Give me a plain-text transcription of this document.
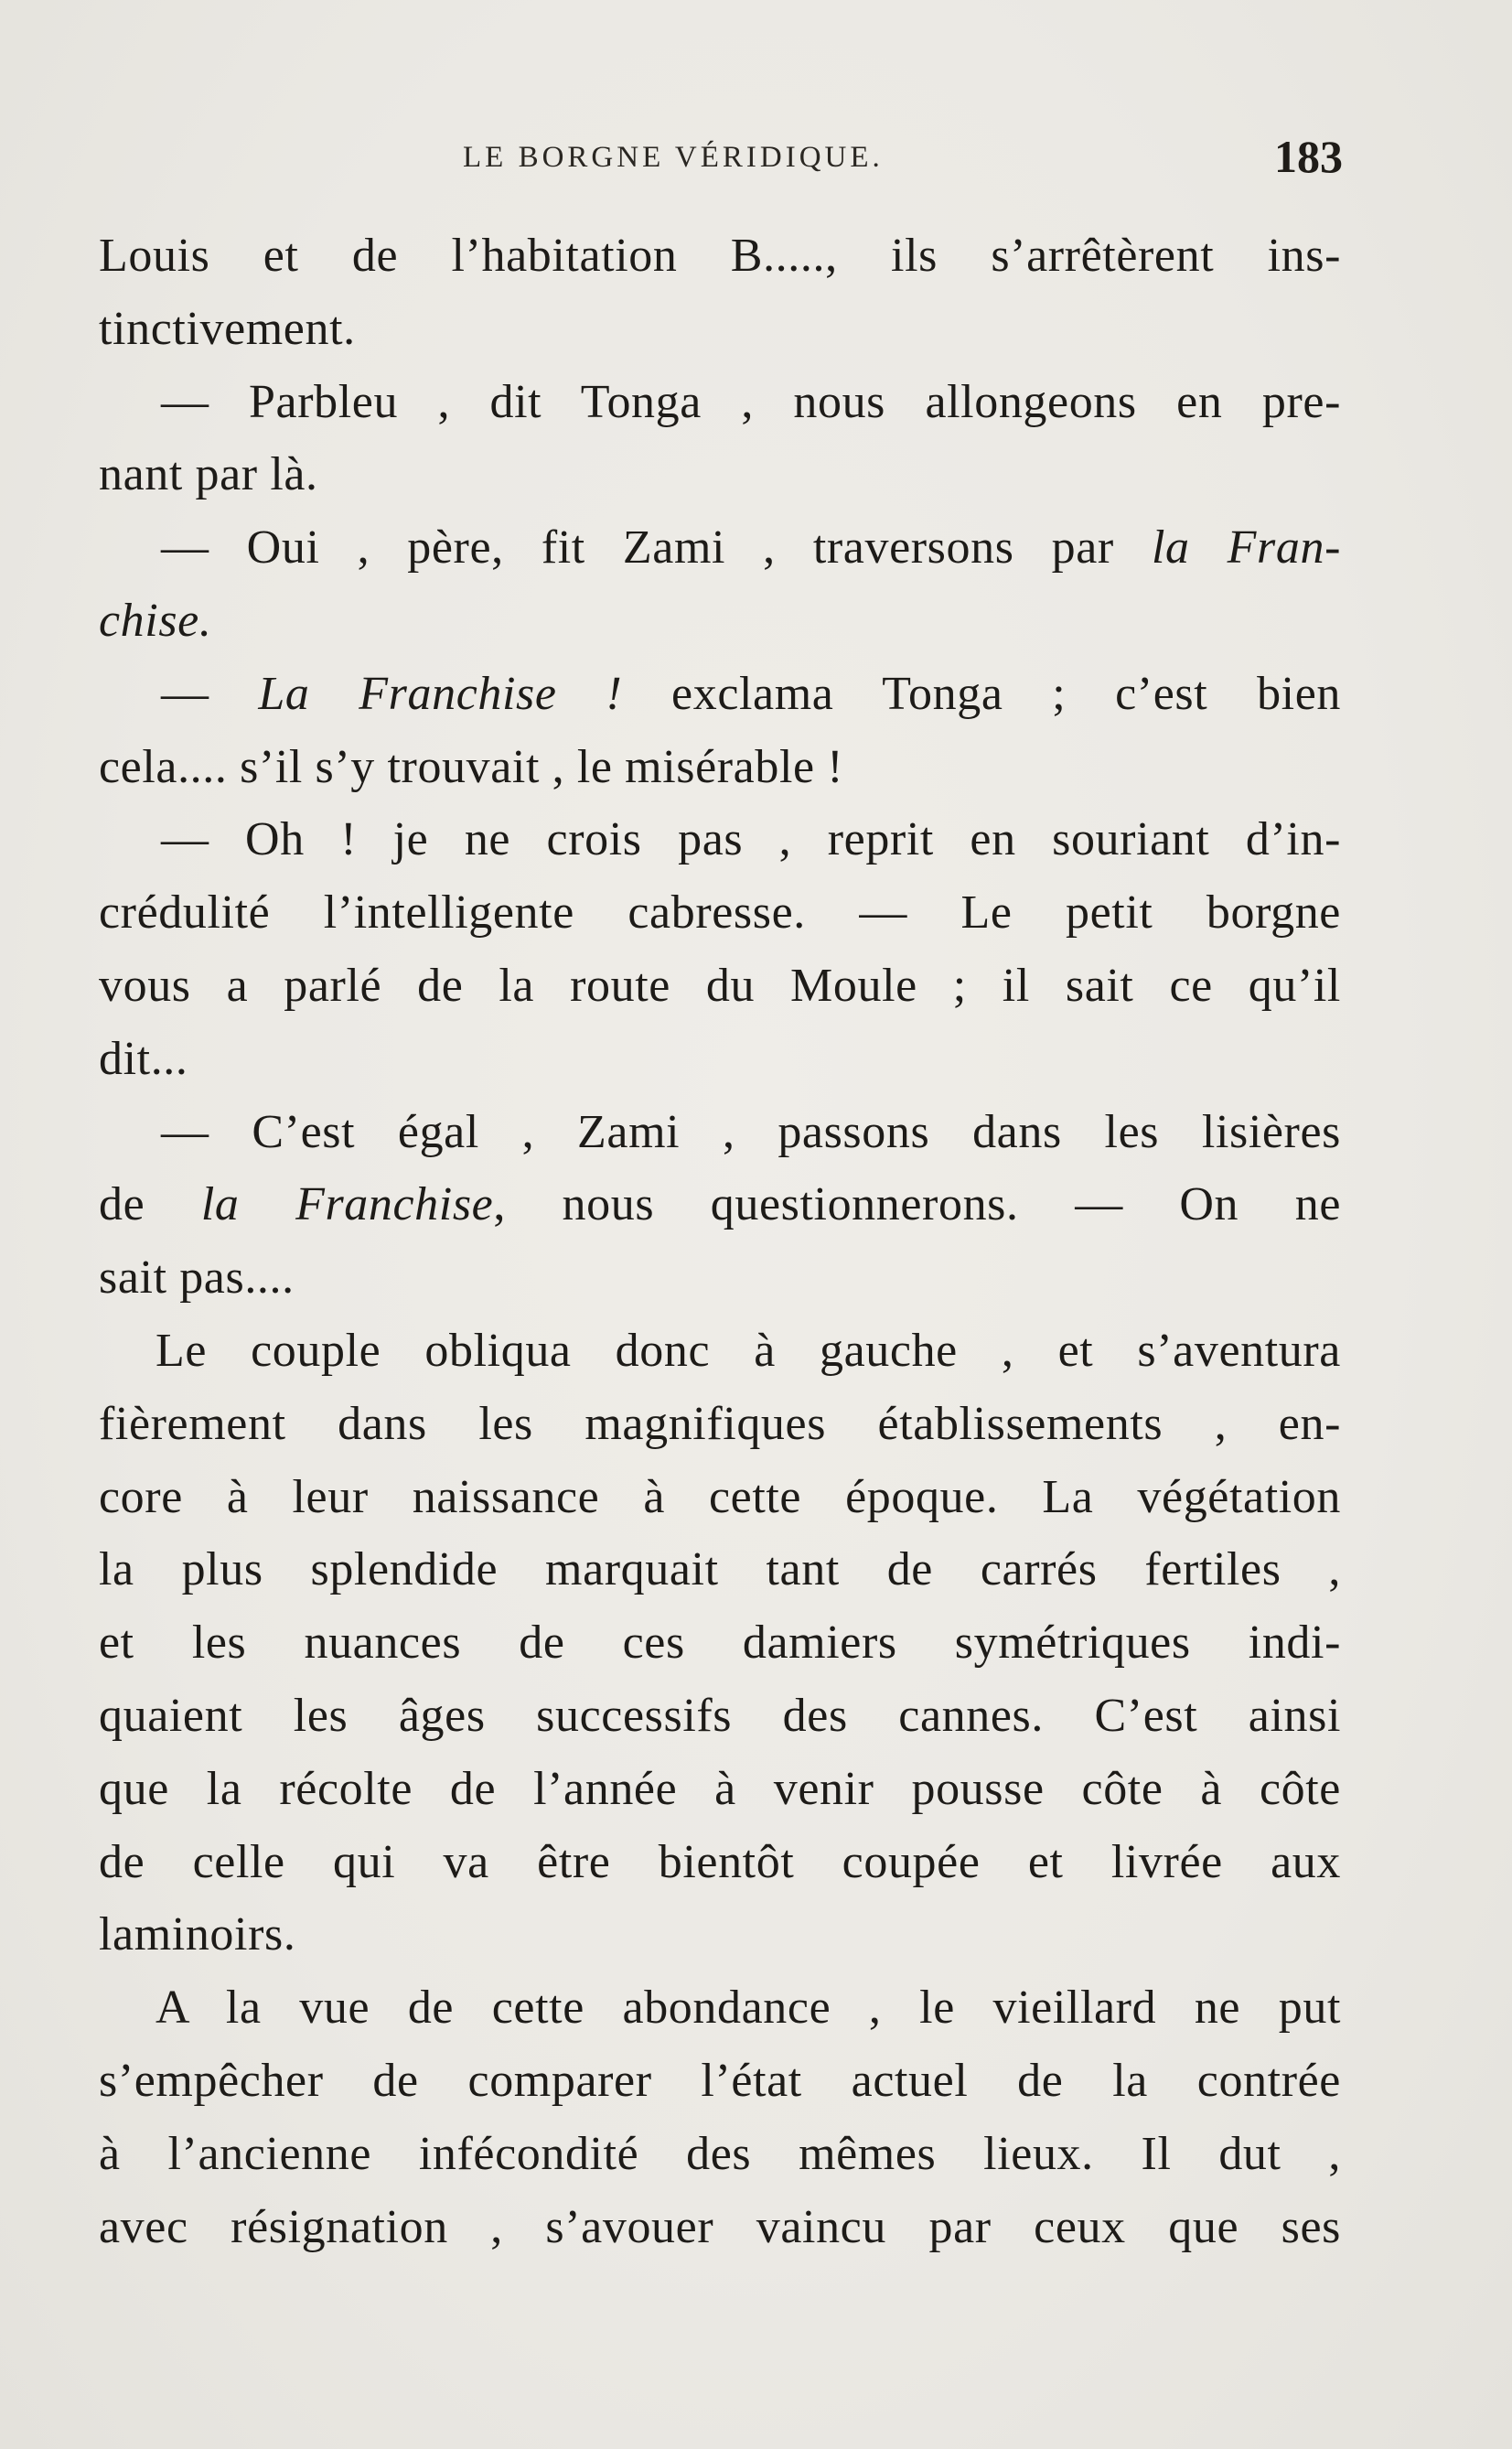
LE BORGNE VÉRIDIQUE.	183
Louis et de l’habitation B....., ils s’arrêtèrent ins-
tinctivement.
— Parbleu , dit Tonga , nous allongeons en pre-
nant par là.
— Oui , père, fit Zami , traversons par la Fran-
chise.
— La Franchise ! exclama Tonga ; c’est bien
cela.... s’il s’y trouvait , le misérable !
— Oh ! je ne crois pas , reprit en souriant d’in-
crédulité l’intelligente cabresse. — Le petit borgne
vous a parlé de la route du Moule ; il sait ce qu’il
dit...
— C’est égal , Zami , passons dans les lisières
de la Franchise, nous questionnerons. — On ne
sait pas....
Le couple obliqua donc à gauche , et s’aventura
fièrement dans les magnifiques établissements , en-
core à leur naissance à cette époque. La végétation
la plus splendide marquait tant de carrés fertiles ,
et les nuances de ces damiers symétriques indi-
quaient les âges successifs des cannes. C’est ainsi
que la récolte de l’année à venir pousse côte à côte
de celle qui va être bientôt coupée et livrée aux
laminoirs.
A la vue de cette abondance , le vieillard ne put
s’empêcher de comparer l’état actuel de la contrée
à l’ancienne infécondité des mêmes lieux. Il dut ,
avec résignation , s’avouer vaincu par ceux que ses
